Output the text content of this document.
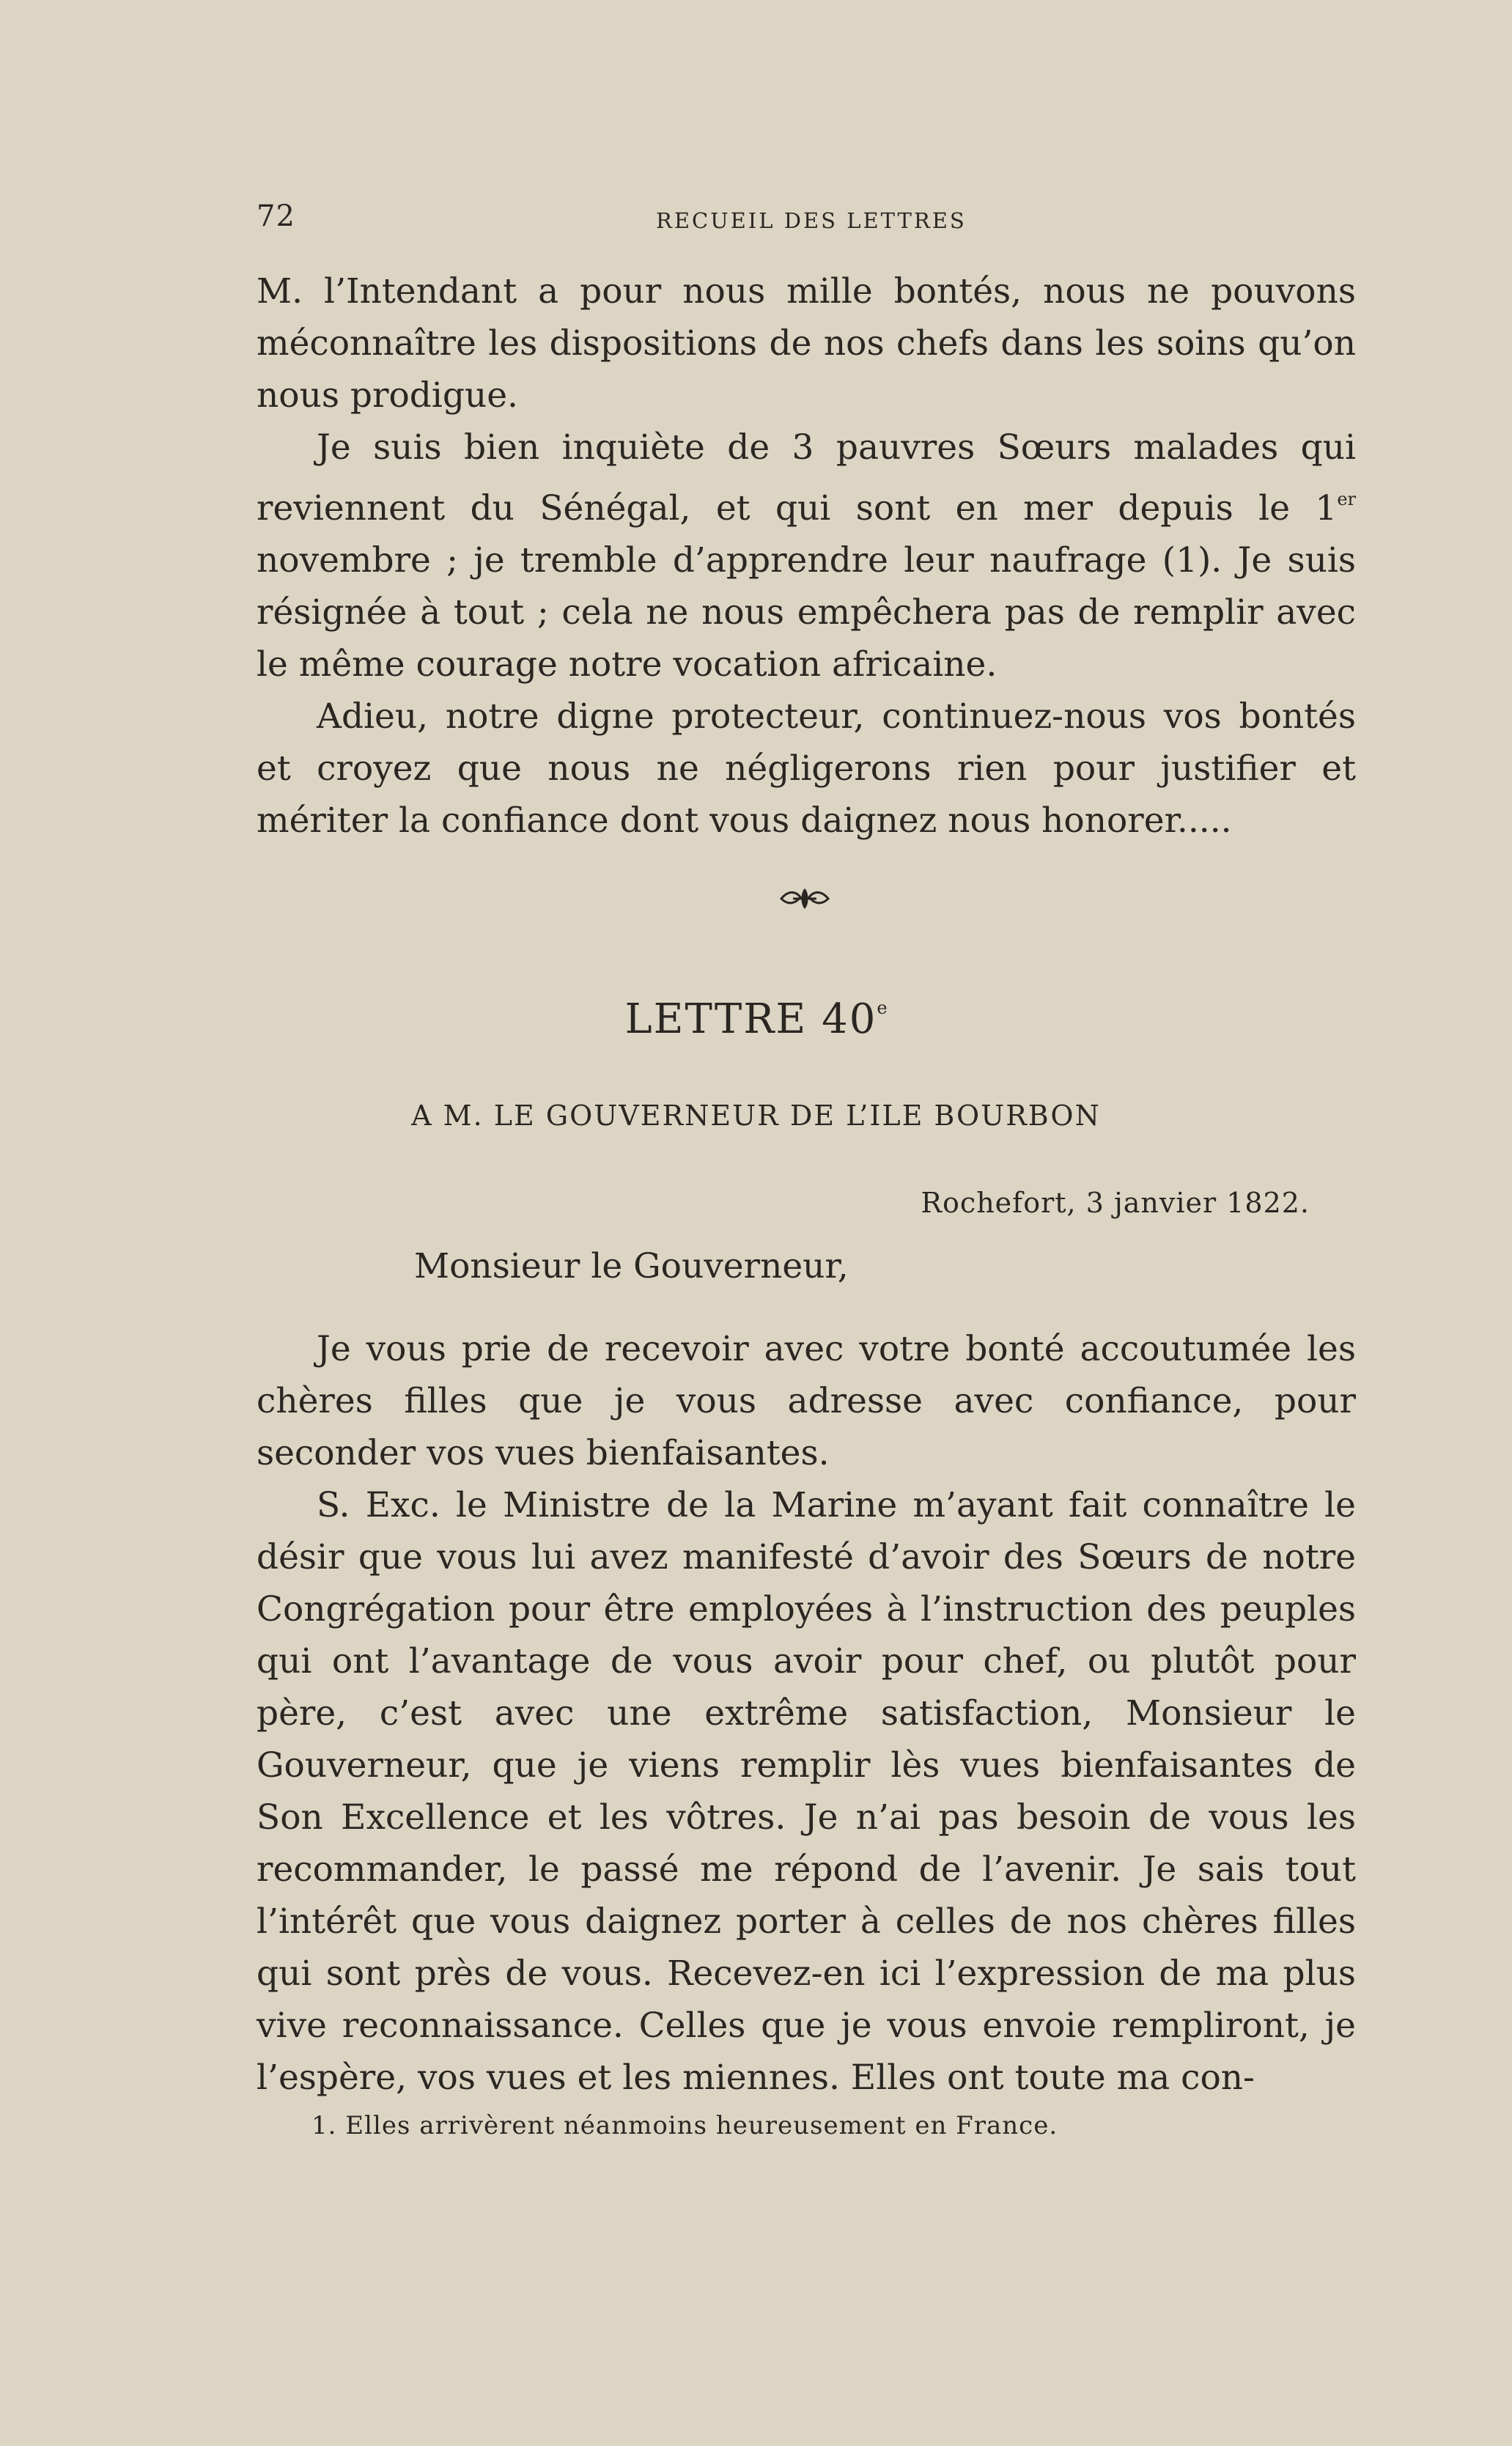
72	RECUEIL DES LETTRES

M. l’Intendant a pour nous mille bontés, nous ne pouvons méconnaître les dispositions de nos chefs dans les soins qu’on nous prodigue.

Je suis bien inquiète de 3 pauvres Sœurs malades qui reviennent du Sénégal, et qui sont en mer depuis le 1er novembre ; je tremble d’apprendre leur naufrage (1). Je suis résignée à tout ; cela ne nous empêchera pas de remplir avec le même courage notre vocation africaine.

Adieu, notre digne protecteur, continuez-nous vos bontés et croyez que nous ne négligerons rien pour justifier et mériter la confiance dont vous daignez nous honorer.....

LETTRE 40e
A M. LE GOUVERNEUR DE L’ILE BOURBON
Rochefort, 3 janvier 1822.
Monsieur le Gouverneur,

Je vous prie de recevoir avec votre bonté accoutumée les chères filles que je vous adresse avec confiance, pour seconder vos vues bienfaisantes.

S. Exc. le Ministre de la Marine m’ayant fait connaître le désir que vous lui avez manifesté d’avoir des Sœurs de notre Congrégation pour être employées à l’instruction des peuples qui ont l’avantage de vous avoir pour chef, ou plutôt pour père, c’est avec une extrême satisfaction, Monsieur le Gouverneur, que je viens remplir lès vues bienfaisantes de Son Excellence et les vôtres. Je n’ai pas besoin de vous les recommander, le passé me répond de l’avenir. Je sais tout l’intérêt que vous daignez porter à celles de nos chères filles qui sont près de vous. Recevez-en ici l’expression de ma plus vive reconnaissance. Celles que je vous envoie rempliront, je l’espère, vos vues et les miennes. Elles ont toute ma con-

1. Elles arrivèrent néanmoins heureusement en France.
